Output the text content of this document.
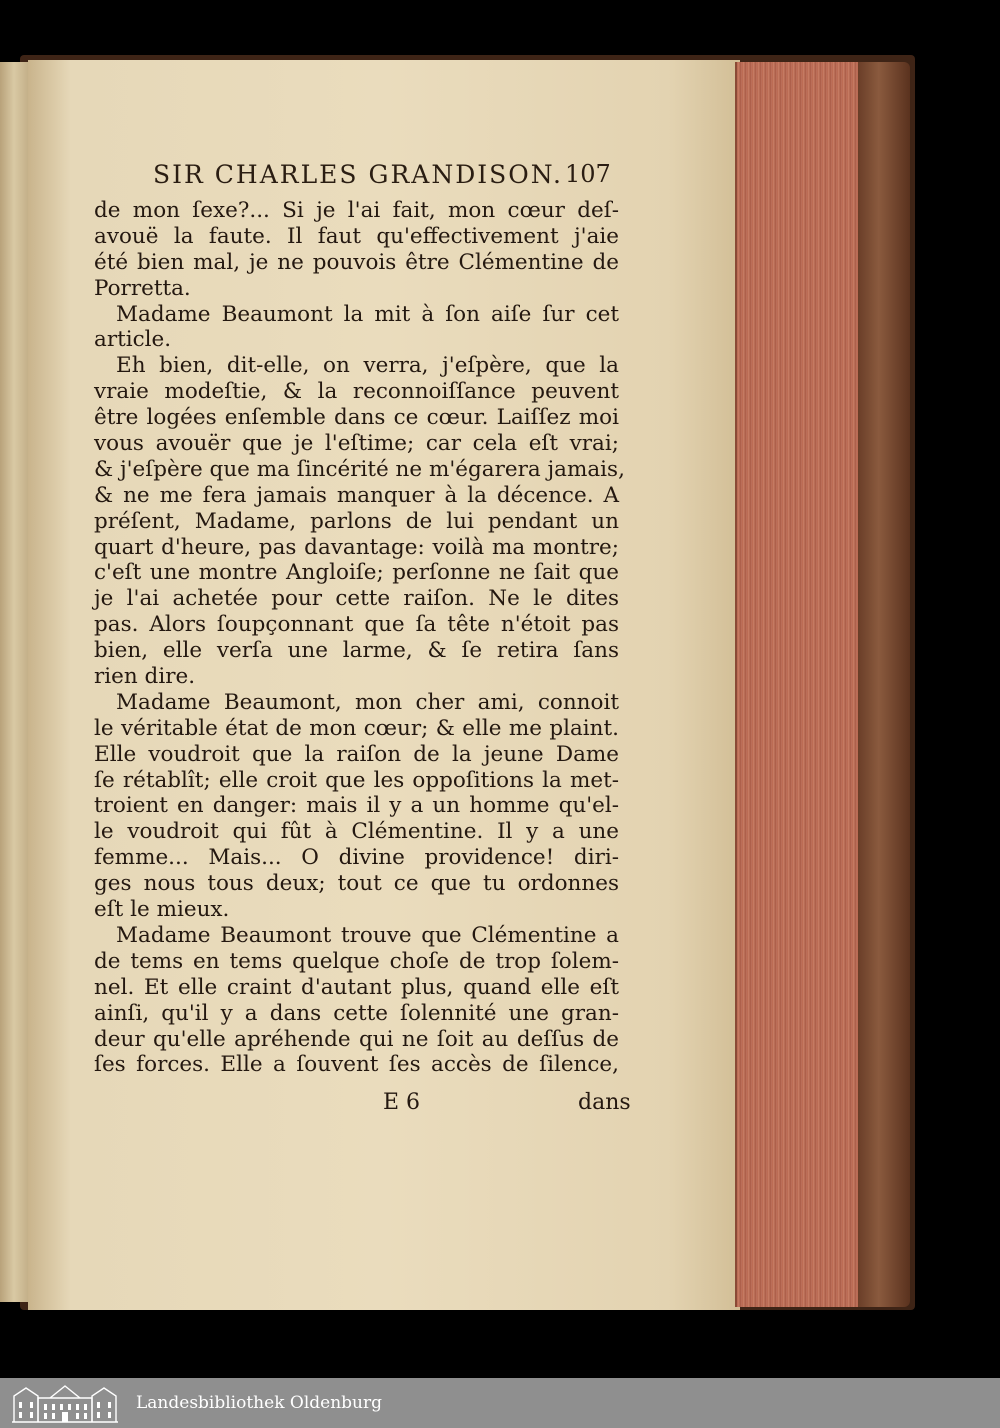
SIR CHARLES GRANDISON. 107
de mon ſexe?... Si je l'ai fait, mon cœur deſ-
avouë la faute. Il faut qu'effectivement j'aie
été bien mal, je ne pouvois être Clémentine de
Porretta.
Madame Beaumont la mit à ſon aiſe ſur cet
article.
Eh bien, dit-elle, on verra, j'eſpère, que la
vraie modeſtie, & la reconnoiſſance peuvent
être logées enſemble dans ce cœur. Laiſſez moi
vous avouër que je l'eſtime; car cela eſt vrai;
& j'eſpère que ma ſincérité ne m'égarera jamais,
& ne me fera jamais manquer à la décence. A
préſent, Madame, parlons de lui pendant un
quart d'heure, pas davantage: voilà ma montre;
c'eſt une montre Angloiſe; perſonne ne ſait que
je l'ai achetée pour cette raiſon. Ne le dites
pas. Alors ſoupçonnant que ſa tête n'étoit pas
bien, elle verſa une larme, & ſe retira ſans
rien dire.
Madame Beaumont, mon cher ami, connoit
le véritable état de mon cœur; & elle me plaint.
Elle voudroit que la raiſon de la jeune Dame
ſe rétablît; elle croit que les oppoſitions la met-
troient en danger: mais il y a un homme qu'el-
le voudroit qui fût à Clémentine. Il y a une
femme... Mais... O divine providence! diri-
ges nous tous deux; tout ce que tu ordonnes
eſt le mieux.
Madame Beaumont trouve que Clémentine a
de tems en tems quelque choſe de trop ſolem-
nel. Et elle craint d'autant plus, quand elle eſt
ainſi, qu'il y a dans cette ſolennité une gran-
deur qu'elle apréhende qui ne ſoit au deſſus de
ſes forces. Elle a ſouvent ſes accès de ſilence,
E 6	dans
Landesbibliothek Oldenburg
